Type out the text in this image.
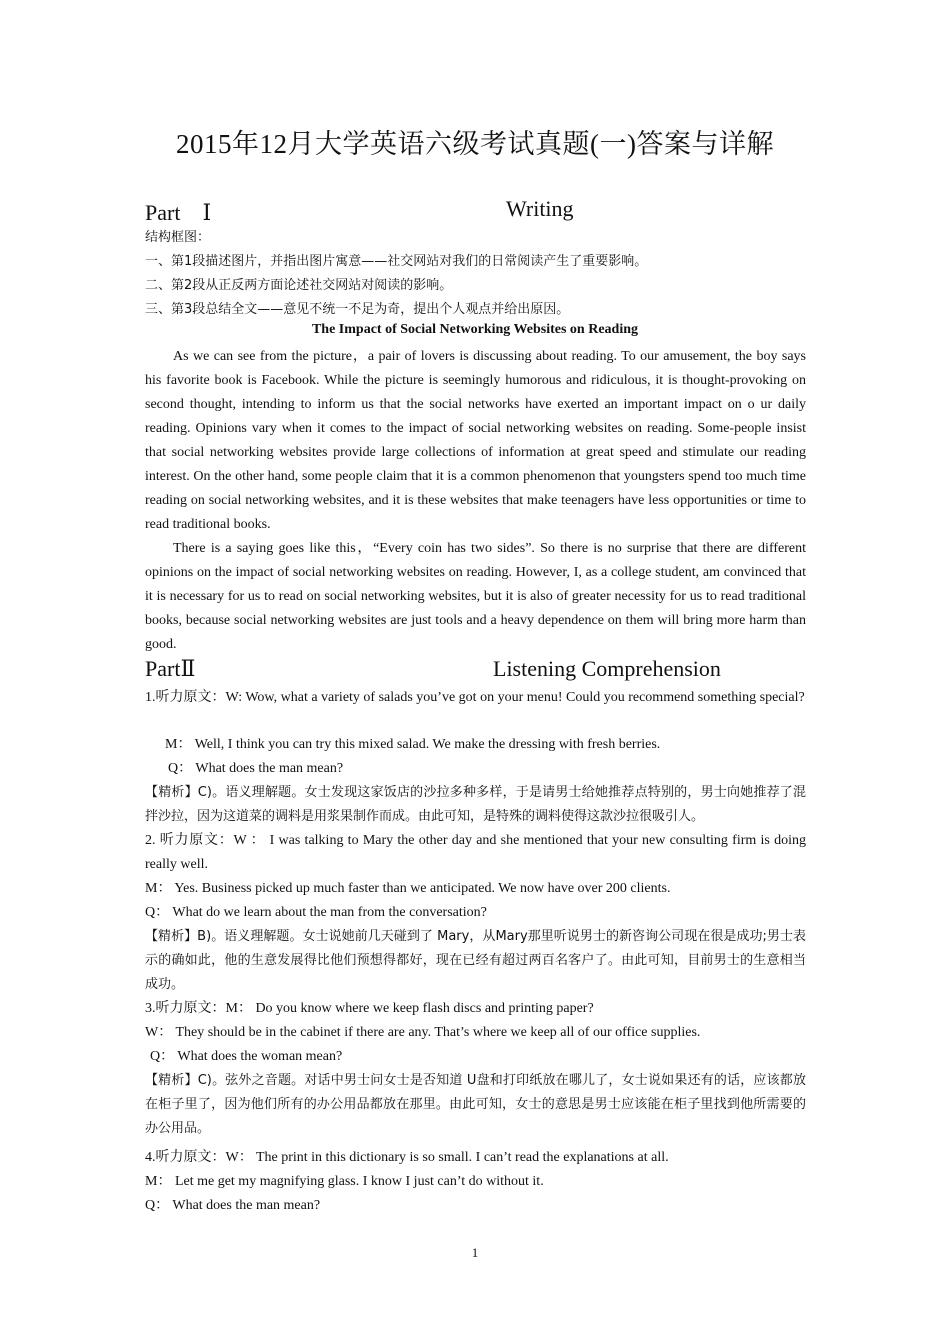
2015年12月大学英语六级考试真题(一)答案与详解
Part　Ⅰ	Writing
结构框图：
一、第1段描述图片，并指出图片寓意——社交网站对我们的日常阅读产生了重要影响。
二、第2段从正反两方面论述社交网站对阅读的影响。
三、第3段总结全文——意见不统一不足为奇，提出个人观点并给出原因。
The Impact of Social Networking Websites on Reading
As we can see from the picture，a pair of lovers is discussing about reading. To our amusement, the boy says his favorite book is Facebook. While the picture is seemingly humorous and ridiculous, it is thought-provoking on second thought, intending to inform us that the social networks have exerted an important impact on o ur daily reading. Opinions vary when it comes to the impact of social networking websites on reading. Some-people insist that social networking websites provide large collections of information at great speed and stimulate our reading interest. On the other hand, some people claim that it is a common phenomenon that youngsters spend too much time reading on social networking websites, and it is these websites that make teenagers have less opportunities or time to read traditional books.
There is a saying goes like this，“Every coin has two sides”. So there is no surprise that there are different opinions on the impact of social networking websites on reading. However, I, as a college student, am convinced that it is necessary for us to read on social networking websites, but it is also of greater necessity for us to read traditional books, because social networking websites are just tools and a heavy dependence on them will bring more harm than good.
PartⅡ	Listening Comprehension
1.听力原文：W: Wow, what a variety of salads you’ve got on your menu! Could you recommend something special?
M： Well, I think you can try this mixed salad. We make the dressing with fresh berries.
Q： What does the man mean?
【精析】C)。语义理解题。女士发现这家饭店的沙拉多种多样，于是请男士给她推荐点特别的，男士向她推荐了混拌沙拉，因为这道菜的调料是用浆果制作而成。由此可知，是特殊的调料使得这款沙拉很吸引人。
2. 听力原文：W ： I was talking to Mary the other day and she mentioned that your new consulting firm is doing really well.
M： Yes. Business picked up much faster than we anticipated. We now have over 200 clients.
Q： What do we learn about the man from the conversation?
【精析】B)。语义理解题。女士说她前几天碰到了 Mary，从Mary那里听说男士的新咨询公司现在很是成功;男士表示的确如此，他的生意发展得比他们预想得都好，现在已经有超过两百名客户了。由此可知，目前男士的生意相当成功。
3.听力原文：M： Do you know where we keep flash discs and printing paper?
W： They should be in the cabinet if there are any. That’s where we keep all of our office supplies.
Q： What does the woman mean?
【精析】C)。弦外之音题。对话中男士问女士是否知道 U盘和打印纸放在哪儿了，女士说如果还有的话，应该都放在柜子里了，因为他们所有的办公用品都放在那里。由此可知，女士的意思是男士应该能在柜子里找到他所需要的办公用品。
4.听力原文：W： The print in this dictionary is so small. I can’t read the explanations at all.
M： Let me get my magnifying glass. I know I just can’t do without it.
Q： What does the man mean?
1
